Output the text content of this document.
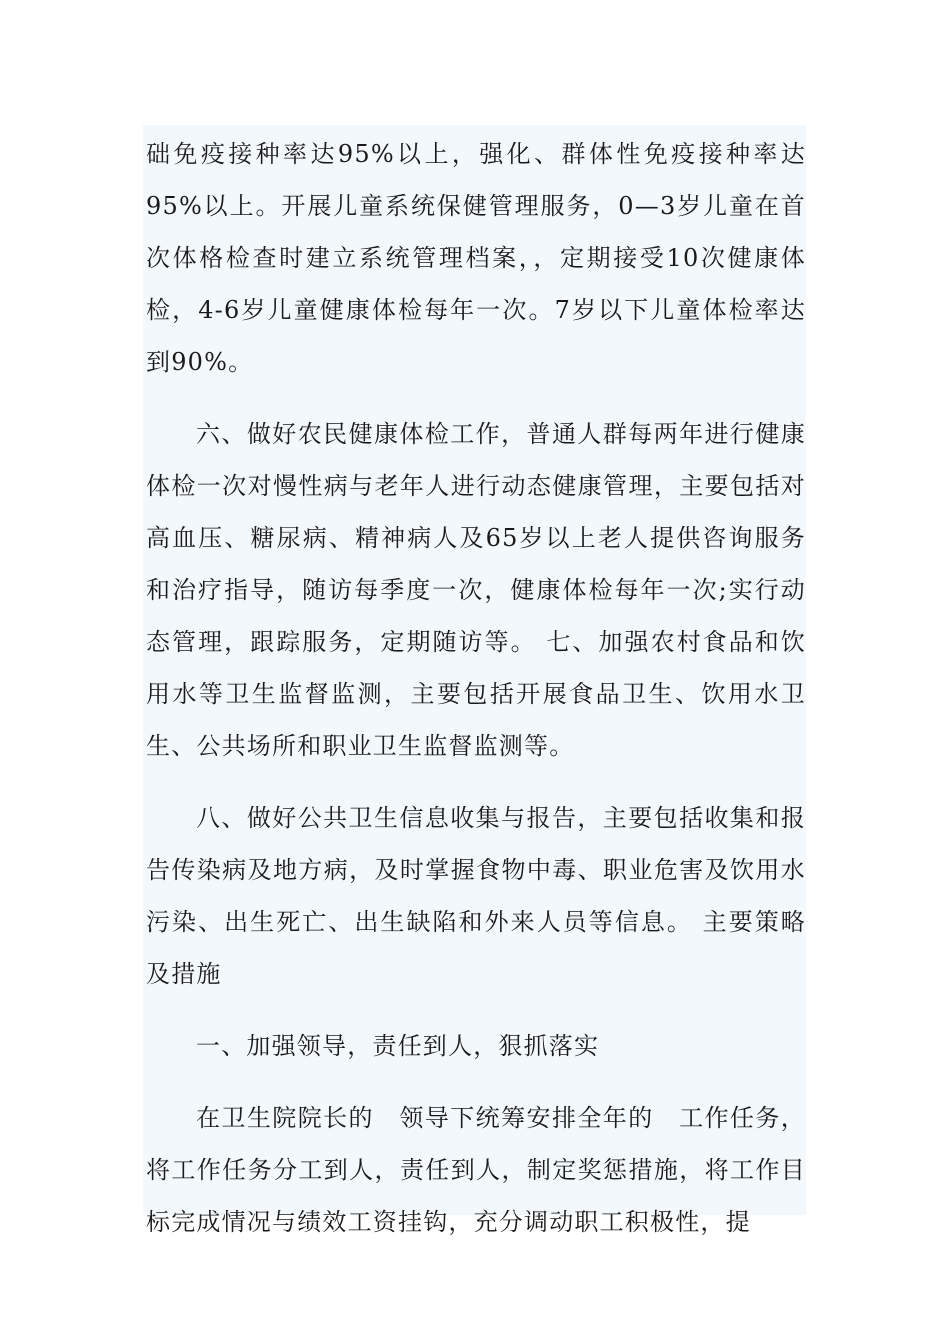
础免疫接种率达95%以上，强化、群体性免疫接种率达95%以上。开展儿童系统保健管理服务，0—3岁儿童在首次体格检查时建立系统管理档案，，定期接受10次健康体检，4-6岁儿童健康体检每年一次。7岁以下儿童体检率达到90%。

六、做好农民健康体检工作，普通人群每两年进行健康体检一次对慢性病与老年人进行动态健康管理，主要包括对高血压、糖尿病、精神病人及65岁以上老人提供咨询服务和治疗指导，随访每季度一次，健康体检每年一次;实行动态管理，跟踪服务，定期随访等。 七、加强农村食品和饮用水等卫生监督监测，主要包括开展食品卫生、饮用水卫生、公共场所和职业卫生监督监测等。

八、做好公共卫生信息收集与报告，主要包括收集和报告传染病及地方病，及时掌握食物中毒、职业危害及饮用水污染、出生死亡、出生缺陷和外来人员等信息。 主要策略及措施

一、加强领导，责任到人，狠抓落实

在卫生院院长的　领导下统筹安排全年的　工作任务，将工作任务分工到人，责任到人，制定奖惩措施，将工作目标完成情况与绩效工资挂钩，充分调动职工积极性，提
